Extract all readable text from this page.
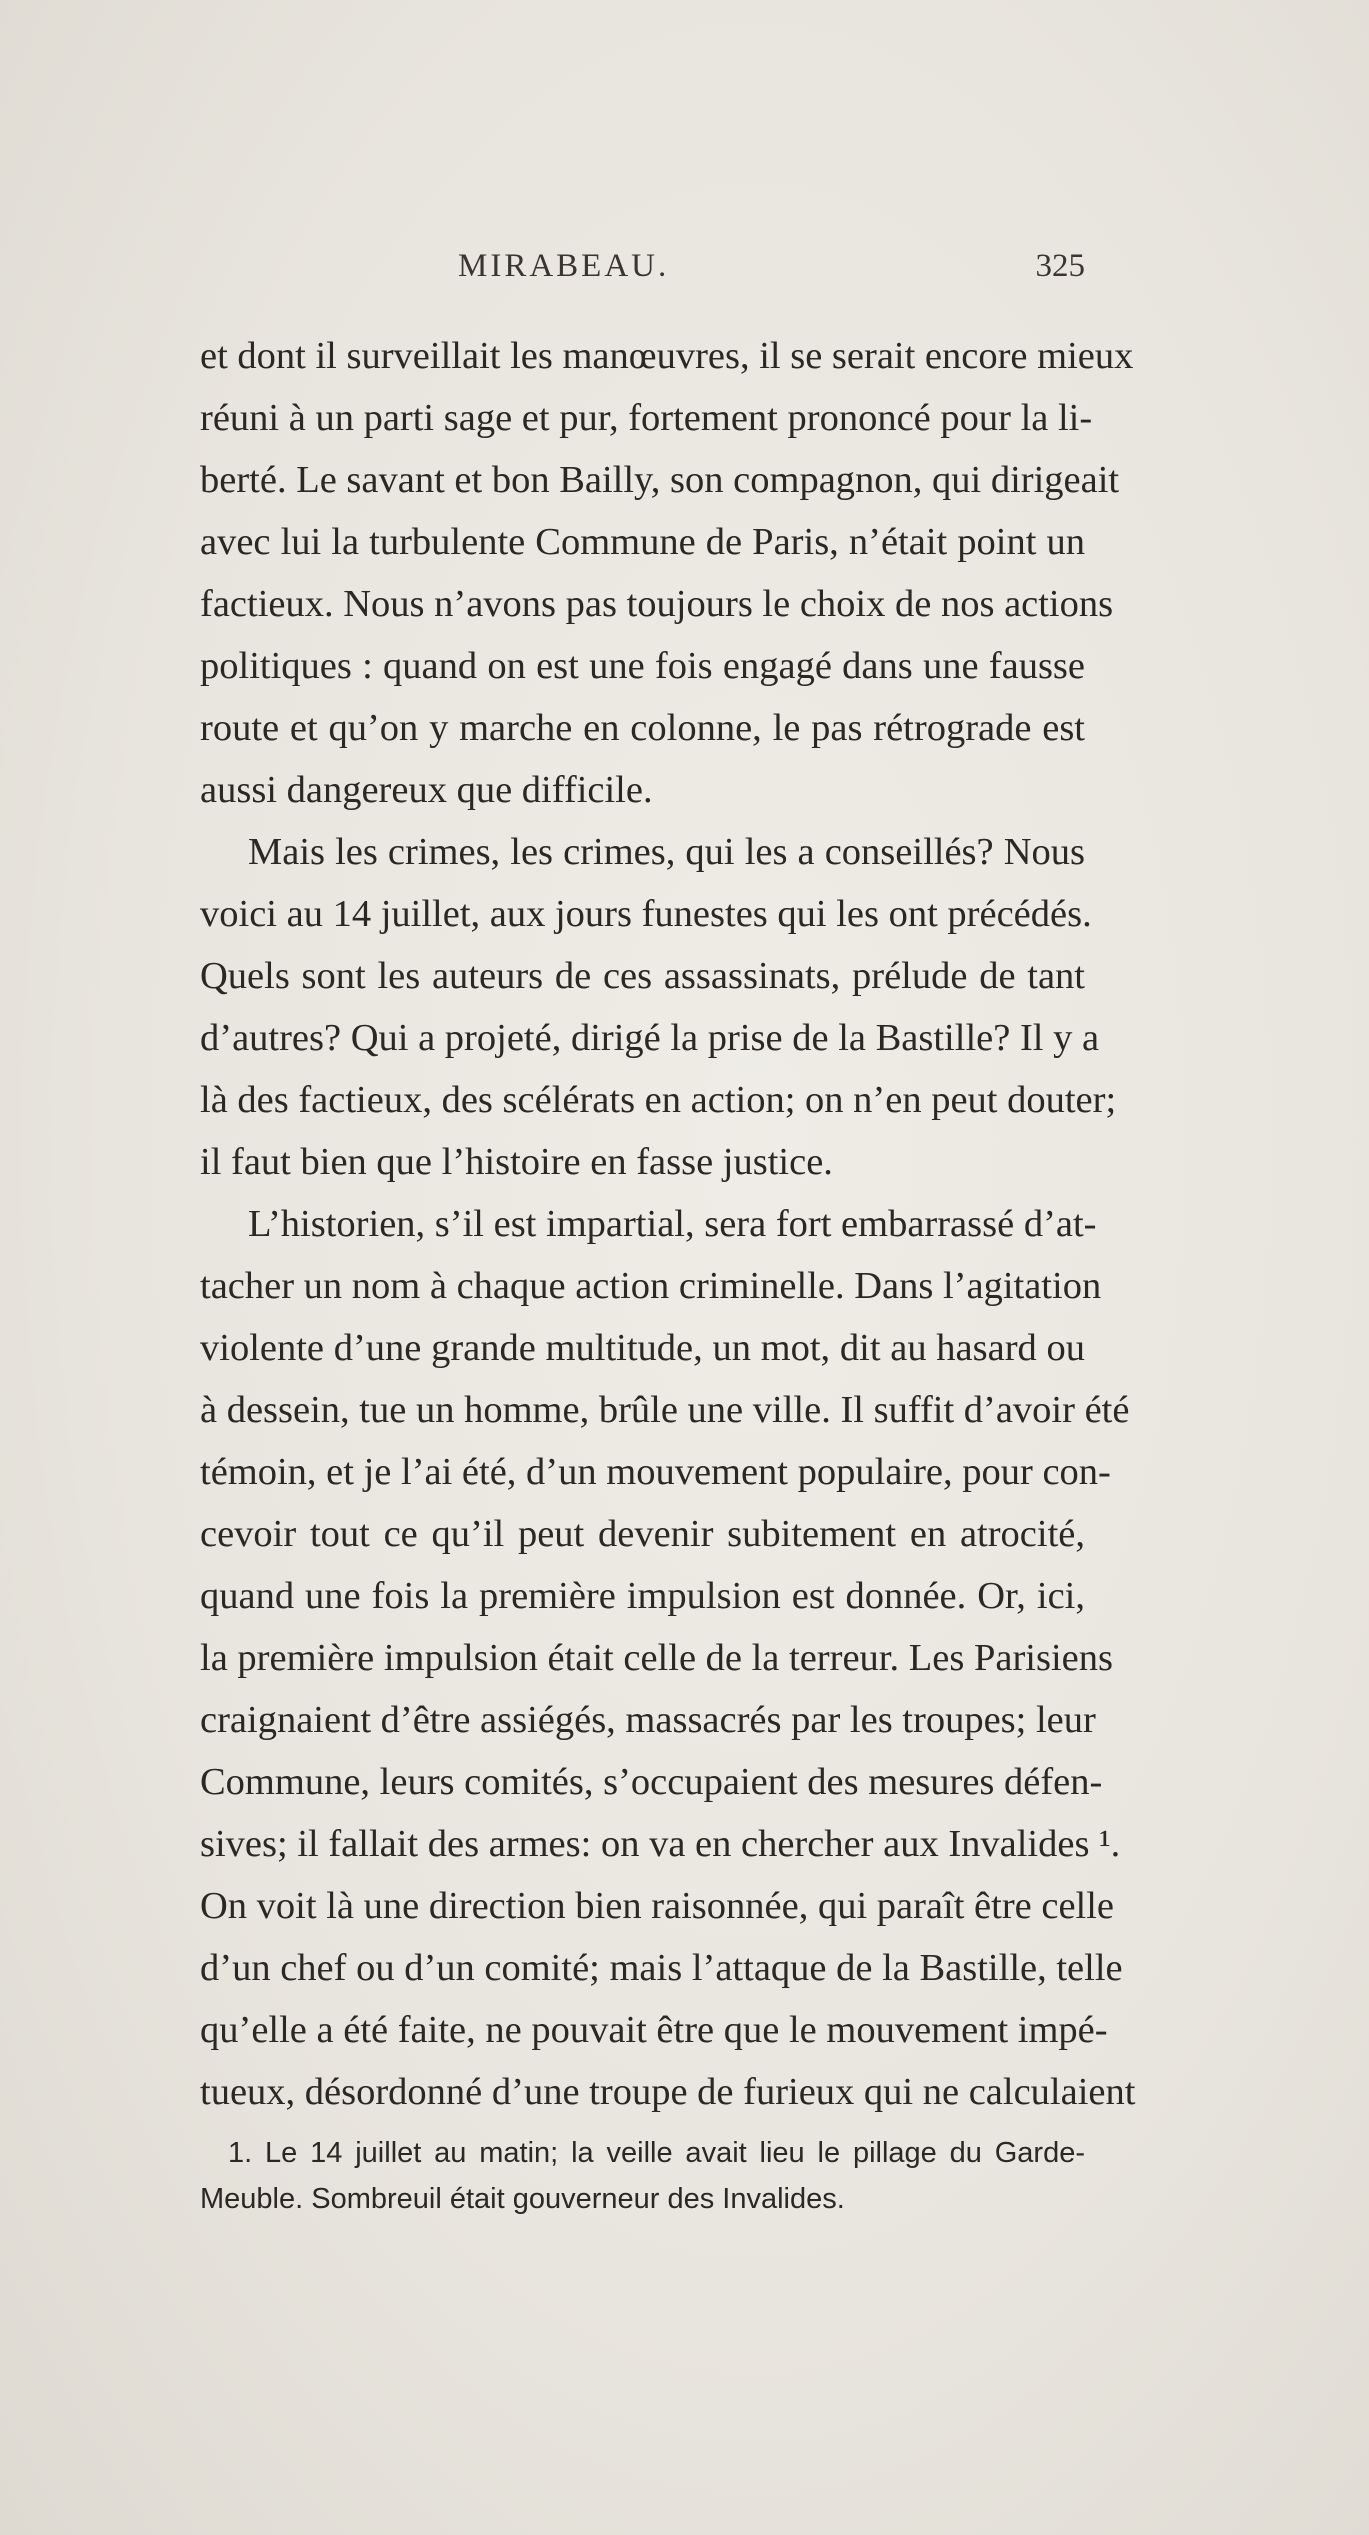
MIRABEAU.	325
et dont il surveillait les manœuvres, il se serait encore mieux
réuni à un parti sage et pur, fortement prononcé pour la li-
berté. Le savant et bon Bailly, son compagnon, qui dirigeait
avec lui la turbulente Commune de Paris, n’était point un
factieux. Nous n’avons pas toujours le choix de nos actions
politiques : quand on est une fois engagé dans une fausse
route et qu’on y marche en colonne, le pas rétrograde est
aussi dangereux que difficile.
Mais les crimes, les crimes, qui les a conseillés? Nous
voici au 14 juillet, aux jours funestes qui les ont précédés.
Quels sont les auteurs de ces assassinats, prélude de tant
d’autres? Qui a projeté, dirigé la prise de la Bastille? Il y a
là des factieux, des scélérats en action; on n’en peut douter;
il faut bien que l’histoire en fasse justice.
L’historien, s’il est impartial, sera fort embarrassé d’at-
tacher un nom à chaque action criminelle. Dans l’agitation
violente d’une grande multitude, un mot, dit au hasard ou
à dessein, tue un homme, brûle une ville. Il suffit d’avoir été
témoin, et je l’ai été, d’un mouvement populaire, pour con-
cevoir tout ce qu’il peut devenir subitement en atrocité,
quand une fois la première impulsion est donnée. Or, ici,
la première impulsion était celle de la terreur. Les Parisiens
craignaient d’être assiégés, massacrés par les troupes; leur
Commune, leurs comités, s’occupaient des mesures défen-
sives; il fallait des armes: on va en chercher aux Invalides ¹.
On voit là une direction bien raisonnée, qui paraît être celle
d’un chef ou d’un comité; mais l’attaque de la Bastille, telle
qu’elle a été faite, ne pouvait être que le mouvement impé-
tueux, désordonné d’une troupe de furieux qui ne calculaient
1. Le 14 juillet au matin; la veille avait lieu le pillage du Garde-
Meuble. Sombreuil était gouverneur des Invalides.
